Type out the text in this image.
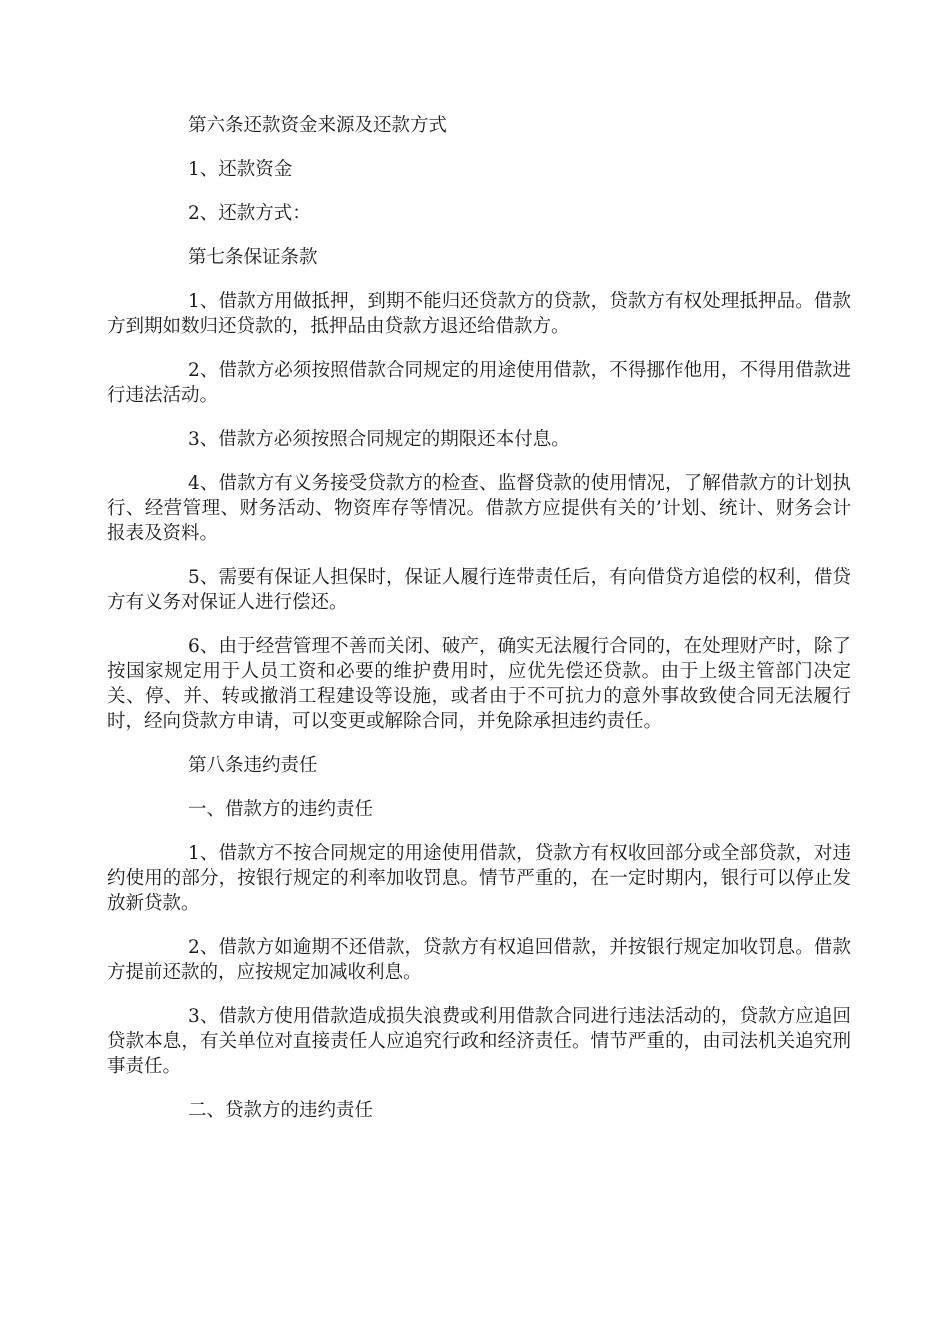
第六条还款资金来源及还款方式

1、还款资金

2、还款方式：

第七条保证条款

1、借款方用做抵押，到期不能归还贷款方的贷款，贷款方有权处理抵押品。借款方到期如数归还贷款的，抵押品由贷款方退还给借款方。

2、借款方必须按照借款合同规定的用途使用借款，不得挪作他用，不得用借款进行违法活动。

3、借款方必须按照合同规定的期限还本付息。

4、借款方有义务接受贷款方的检查、监督贷款的使用情况，了解借款方的计划执行、经营管理、财务活动、物资库存等情况。借款方应提供有关的’计划、统计、财务会计报表及资料。

5、需要有保证人担保时，保证人履行连带责任后，有向借贷方追偿的权利，借贷方有义务对保证人进行偿还。

6、由于经营管理不善而关闭、破产，确实无法履行合同的，在处理财产时，除了按国家规定用于人员工资和必要的维护费用时，应优先偿还贷款。由于上级主管部门决定关、停、并、转或撤消工程建设等设施，或者由于不可抗力的意外事故致使合同无法履行时，经向贷款方申请，可以变更或解除合同，并免除承担违约责任。

第八条违约责任

一、借款方的违约责任

1、借款方不按合同规定的用途使用借款，贷款方有权收回部分或全部贷款，对违约使用的部分，按银行规定的利率加收罚息。情节严重的，在一定时期内，银行可以停止发放新贷款。

2、借款方如逾期不还借款，贷款方有权追回借款，并按银行规定加收罚息。借款方提前还款的，应按规定加减收利息。

3、借款方使用借款造成损失浪费或利用借款合同进行违法活动的，贷款方应追回贷款本息，有关单位对直接责任人应追究行政和经济责任。情节严重的，由司法机关追究刑事责任。

二、贷款方的违约责任
